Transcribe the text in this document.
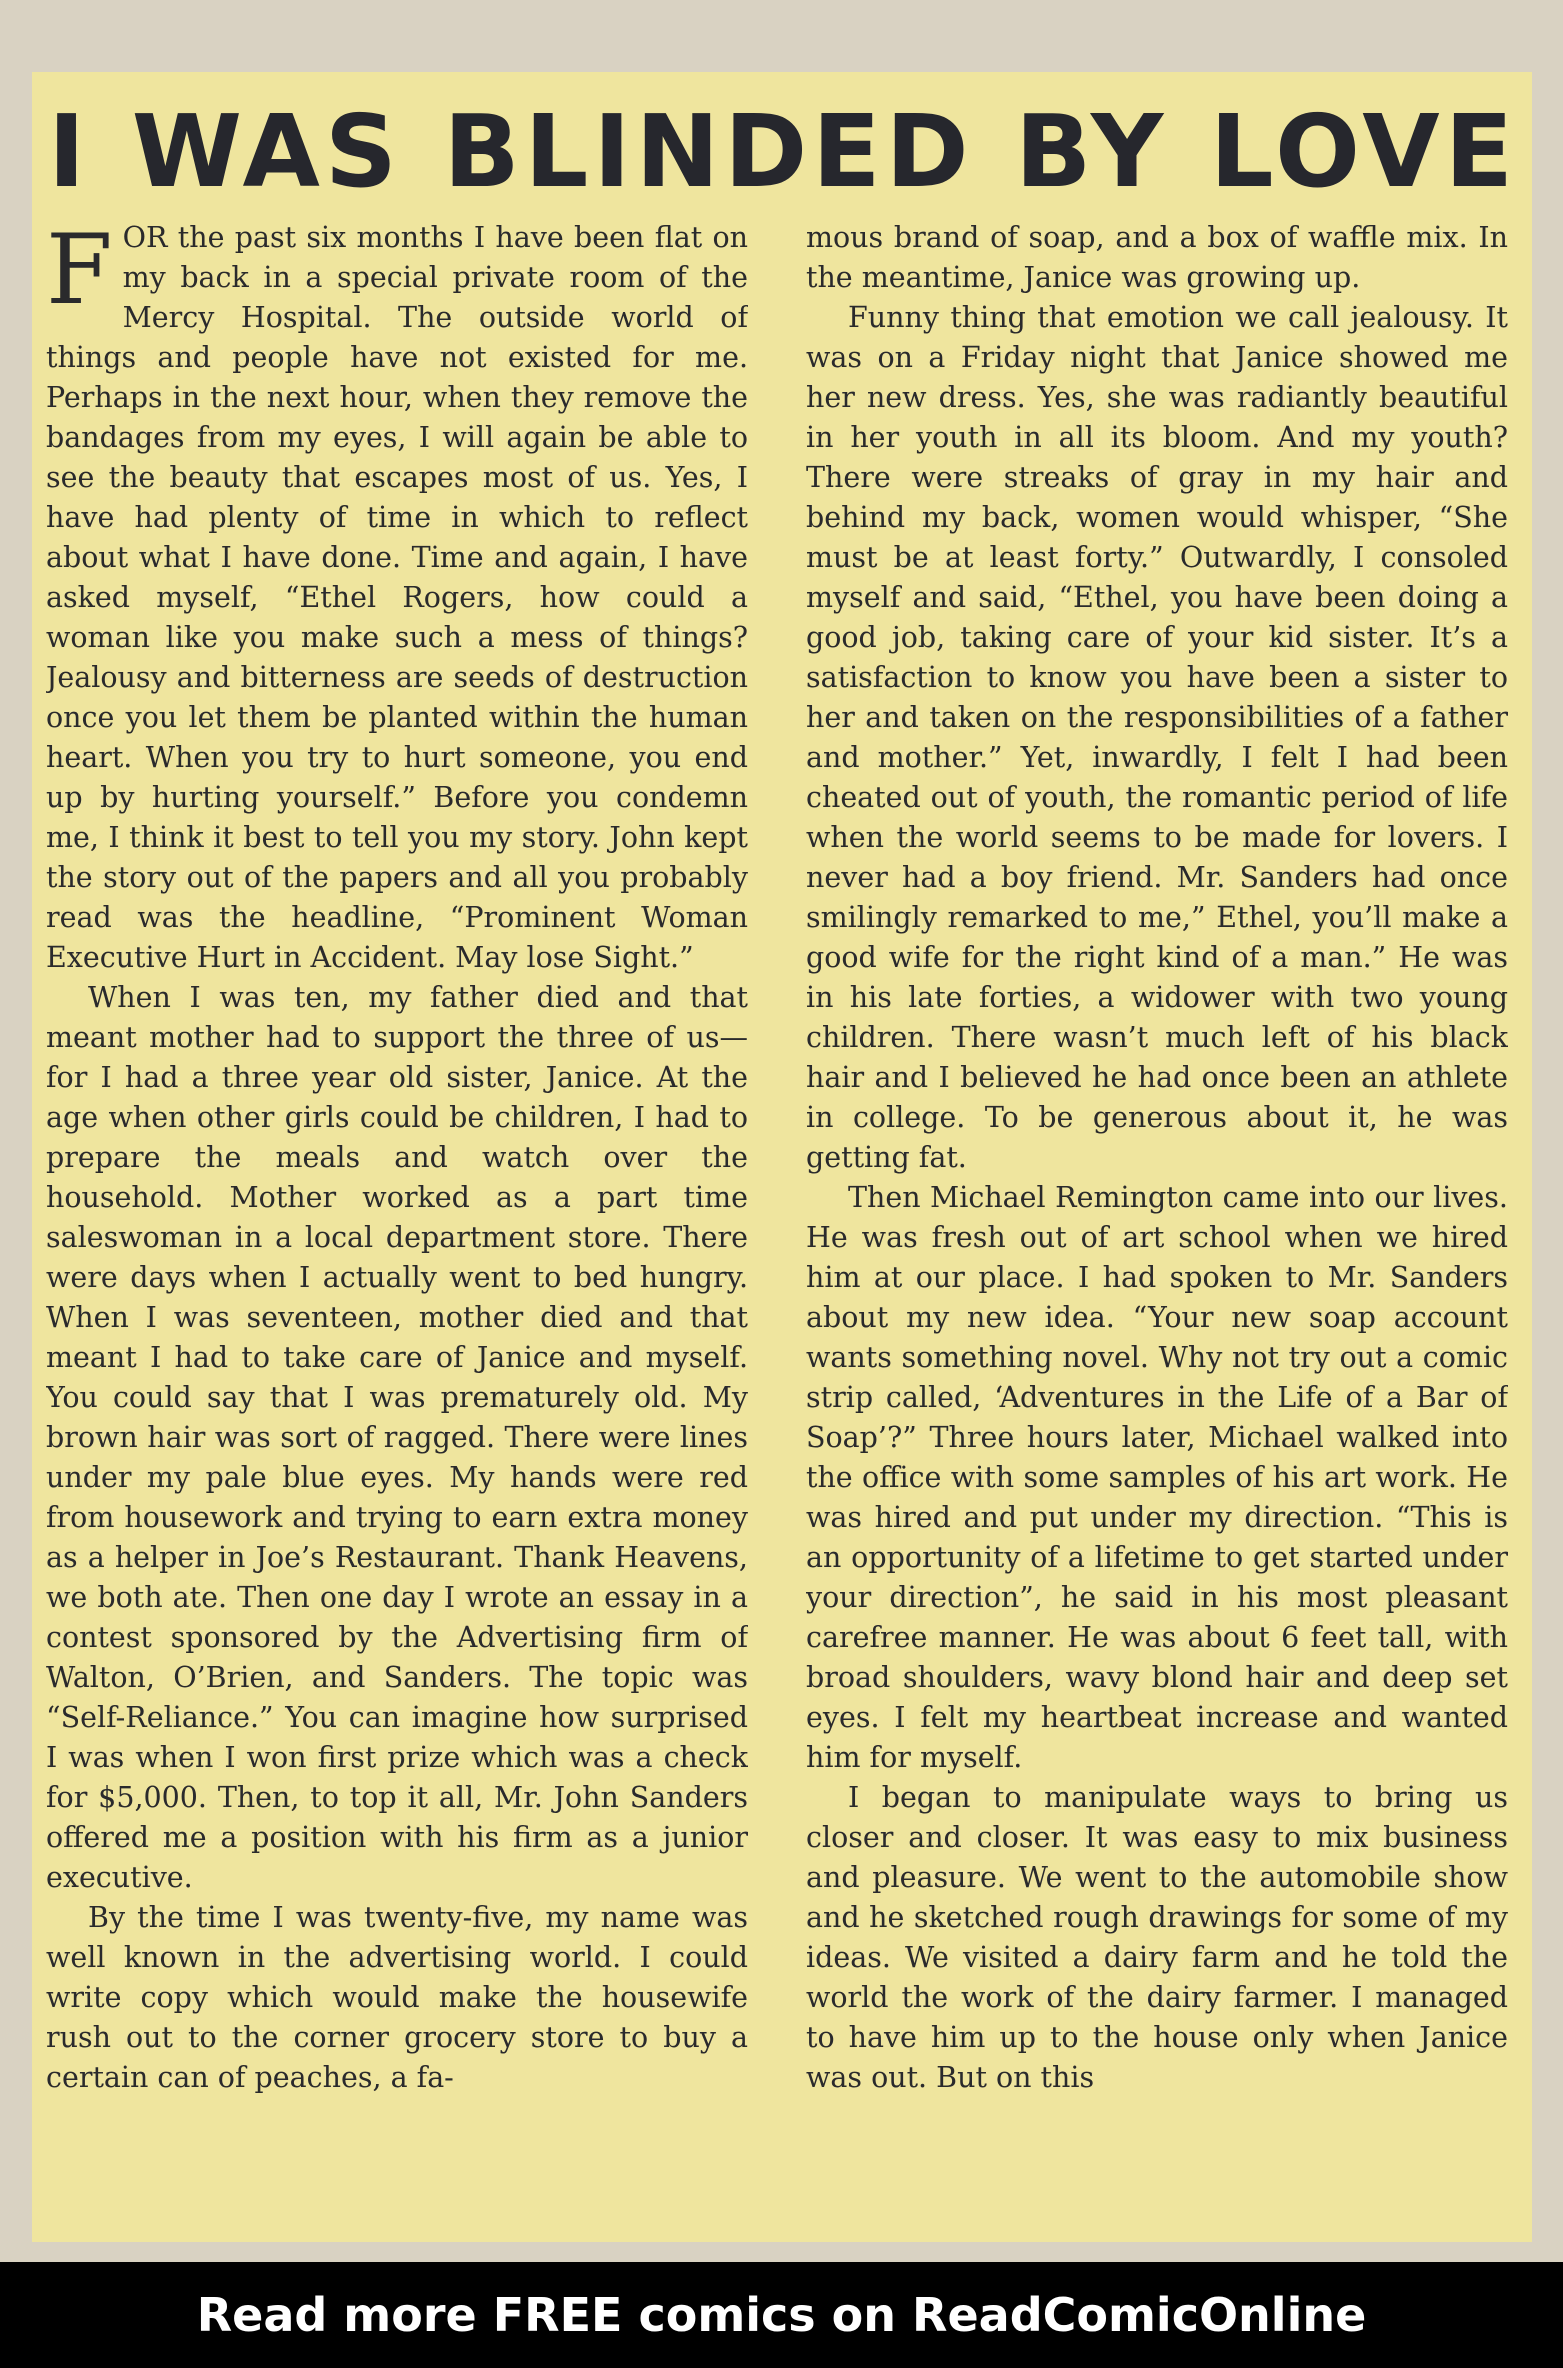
I WAS BLINDED BY LOVE

FOR the past six months I have been flat on my back in a special private room of the Mercy Hospital. The outside world of things and people have not existed for me. Perhaps in the next hour, when they remove the bandages from my eyes, I will again be able to see the beauty that escapes most of us. Yes, I have had plenty of time in which to reflect about what I have done. Time and again, I have asked myself, “Ethel Rogers, how could a woman like you make such a mess of things? Jealousy and bitterness are seeds of destruction once you let them be planted within the human heart. When you try to hurt someone, you end up by hurting yourself.” Before you condemn me, I think it best to tell you my story. John kept the story out of the papers and all you probably read was the headline, “Prominent Woman Executive Hurt in Accident. May lose Sight.”

When I was ten, my father died and that meant mother had to support the three of us—for I had a three year old sister, Janice. At the age when other girls could be children, I had to prepare the meals and watch over the household. Mother worked as a part time saleswoman in a local department store. There were days when I actually went to bed hungry. When I was seventeen, mother died and that meant I had to take care of Janice and myself. You could say that I was prematurely old. My brown hair was sort of ragged. There were lines under my pale blue eyes. My hands were red from housework and trying to earn extra money as a helper in Joe’s Restaurant. Thank Heavens, we both ate. Then one day I wrote an essay in a contest sponsored by the Advertising firm of Walton, O’Brien, and Sanders. The topic was “Self-Reliance.” You can imagine how surprised I was when I won first prize which was a check for $5,000. Then, to top it all, Mr. John Sanders offered me a position with his firm as a junior executive.

By the time I was twenty-five, my name was well known in the advertising world. I could write copy which would make the housewife rush out to the corner grocery store to buy a certain can of peaches, a fa-

mous brand of soap, and a box of waffle mix. In the meantime, Janice was growing up.

Funny thing that emotion we call jealousy. It was on a Friday night that Janice showed me her new dress. Yes, she was radiantly beautiful in her youth in all its bloom. And my youth? There were streaks of gray in my hair and behind my back, women would whisper, “She must be at least forty.” Outwardly, I consoled myself and said, “Ethel, you have been doing a good job, taking care of your kid sister. It’s a satisfaction to know you have been a sister to her and taken on the responsibilities of a father and mother.” Yet, inwardly, I felt I had been cheated out of youth, the romantic period of life when the world seems to be made for lovers. I never had a boy friend. Mr. Sanders had once smilingly remarked to me,” Ethel, you’ll make a good wife for the right kind of a man.” He was in his late forties, a widower with two young children. There wasn’t much left of his black hair and I believed he had once been an athlete in college. To be generous about it, he was getting fat.

Then Michael Remington came into our lives. He was fresh out of art school when we hired him at our place. I had spoken to Mr. Sanders about my new idea. “Your new soap account wants something novel. Why not try out a comic strip called, ‘Adventures in the Life of a Bar of Soap’?” Three hours later, Michael walked into the office with some samples of his art work. He was hired and put under my direction. “This is an opportunity of a lifetime to get started under your direction”, he said in his most pleasant carefree manner. He was about 6 feet tall, with broad shoulders, wavy blond hair and deep set eyes. I felt my heartbeat increase and wanted him for myself.

I began to manipulate ways to bring us closer and closer. It was easy to mix business and pleasure. We went to the automobile show and he sketched rough drawings for some of my ideas. We visited a dairy farm and he told the world the work of the dairy farmer. I managed to have him up to the house only when Janice was out. But on this

Read more FREE comics on ReadComicOnline
